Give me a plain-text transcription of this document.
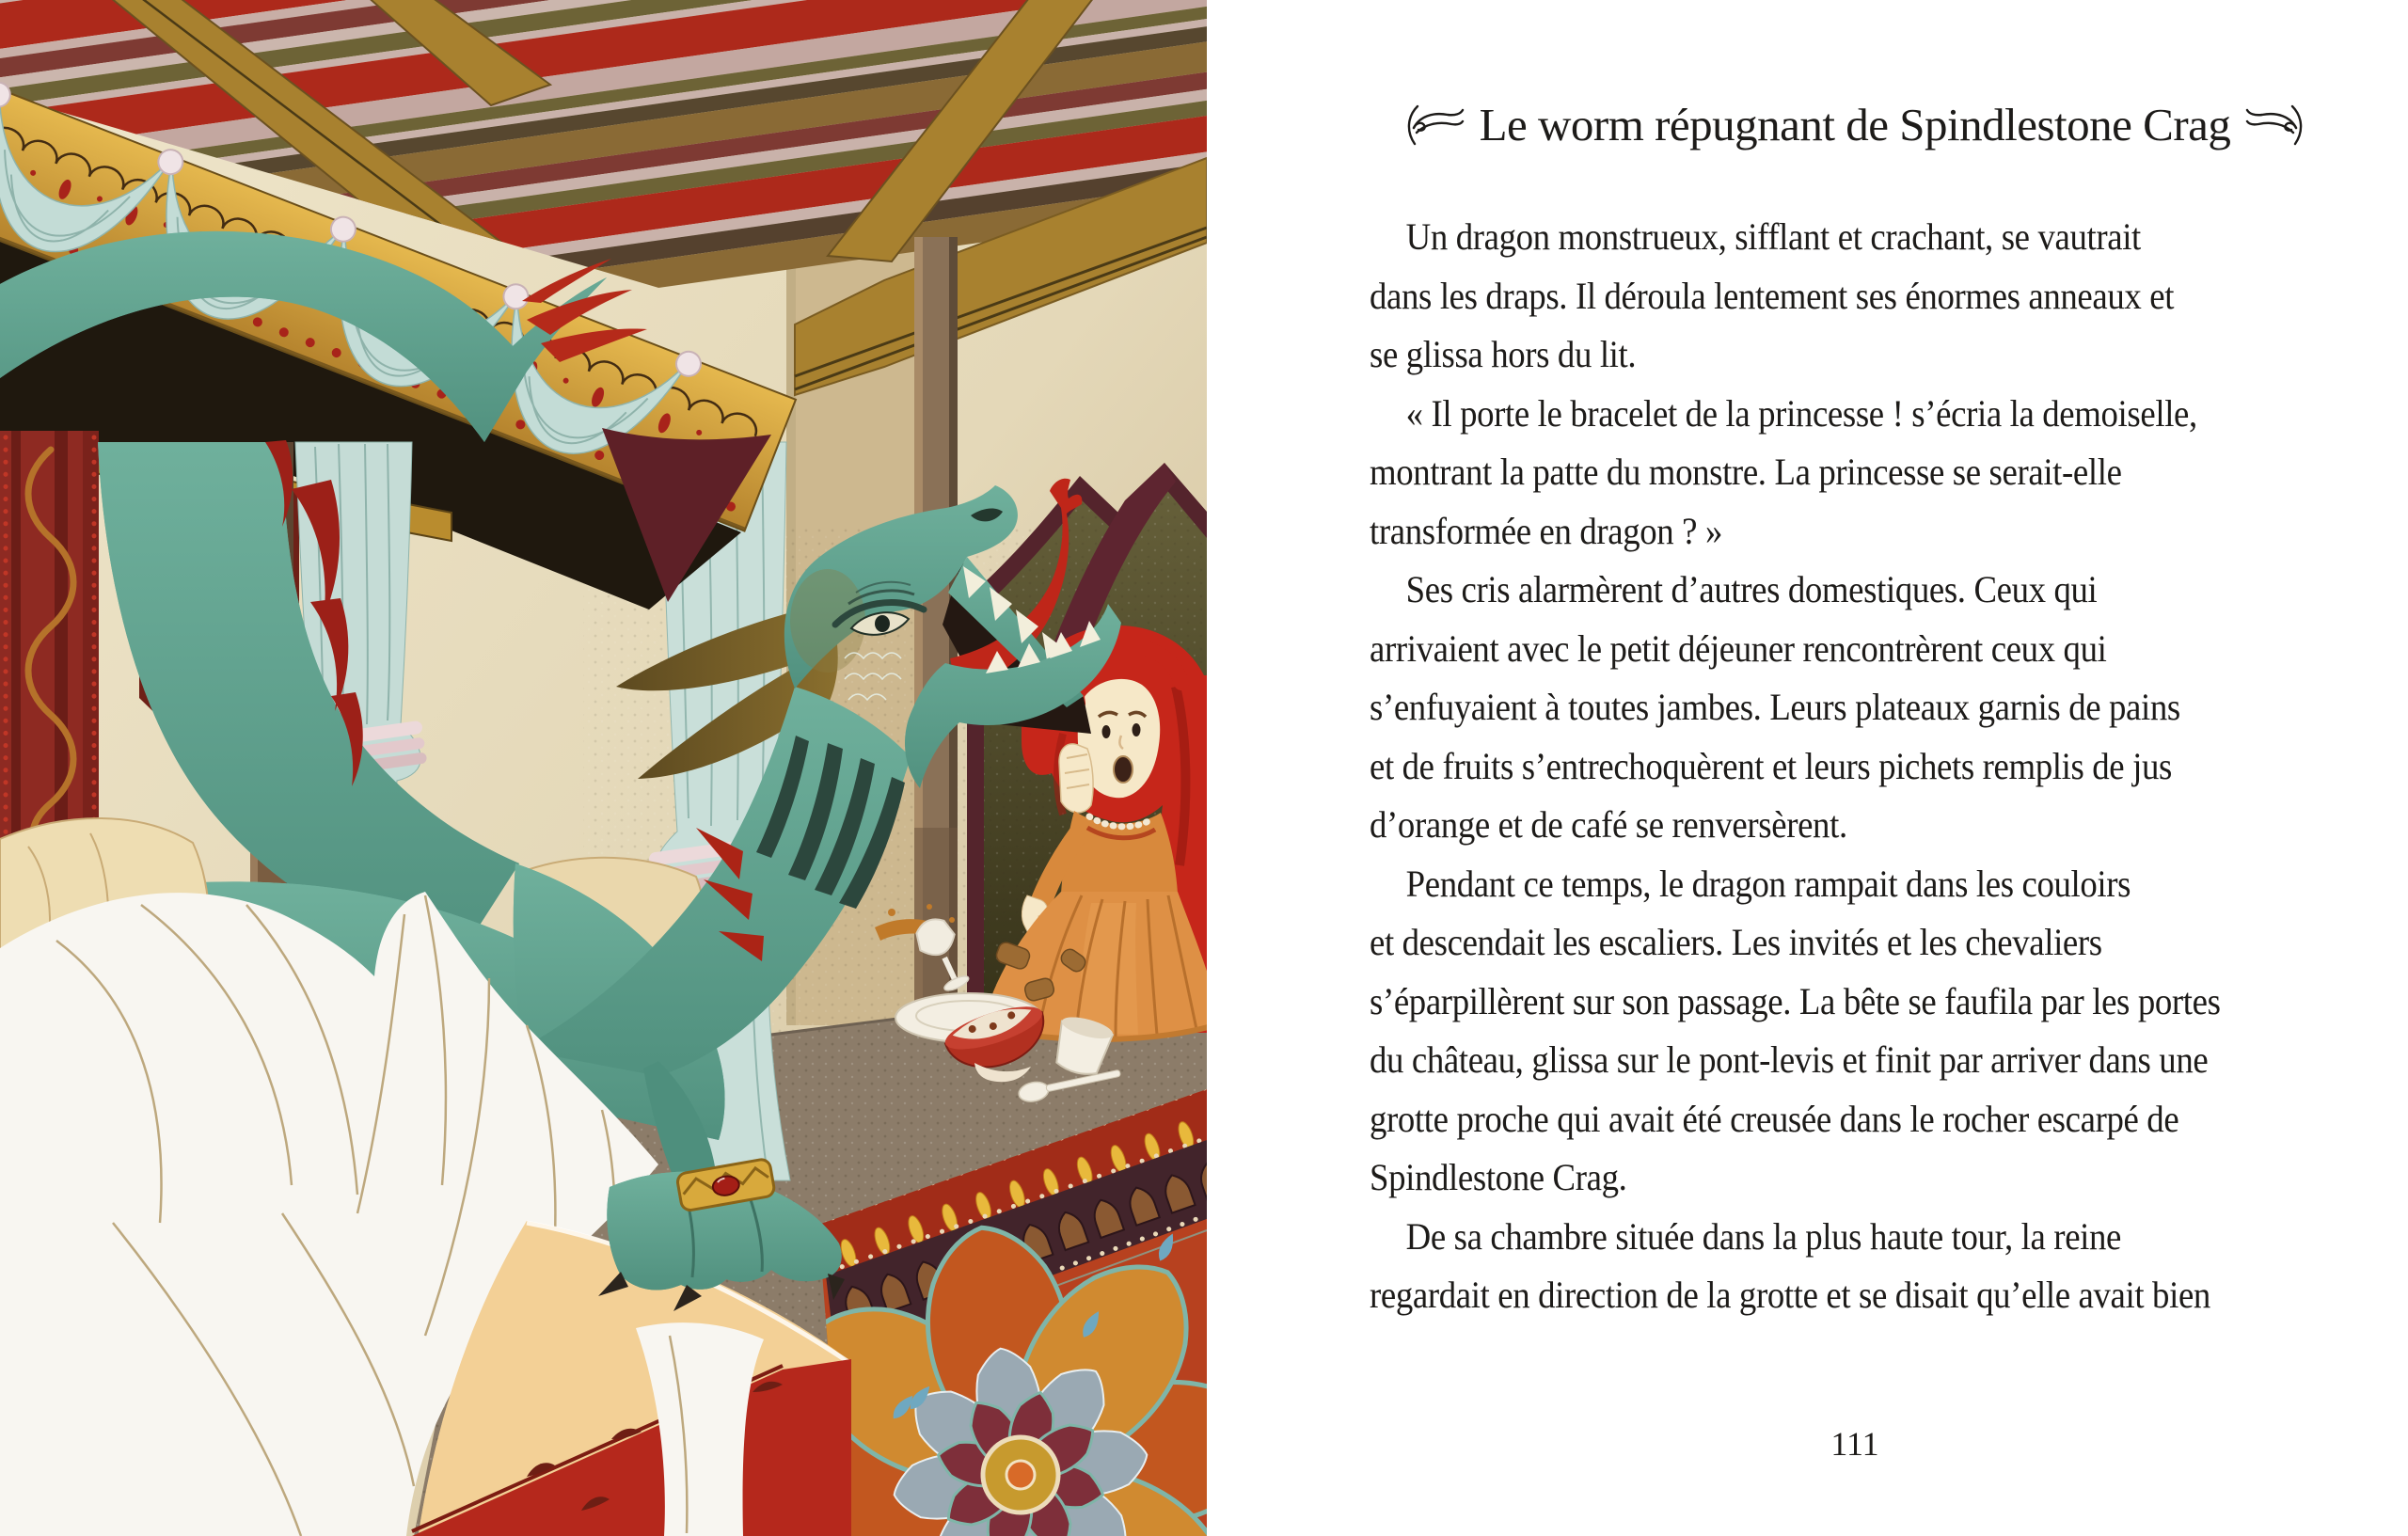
Le worm répugnant de Spindlestone Crag
Un dragon monstrueux, sifflant et crachant, se vautrait
dans les draps. Il déroula lentement ses énormes anneaux et
se glissa hors du lit.
« Il porte le bracelet de la princesse ! s’écria la demoiselle,
montrant la patte du monstre. La princesse se serait-elle
transformée en dragon ? »
Ses cris alarmèrent d’autres domestiques. Ceux qui
arrivaient avec le petit déjeuner rencontrèrent ceux qui
s’enfuyaient à toutes jambes. Leurs plateaux garnis de pains
et de fruits s’entrechoquèrent et leurs pichets remplis de jus
d’orange et de café se renversèrent.
Pendant ce temps, le dragon rampait dans les couloirs
et descendait les escaliers. Les invités et les chevaliers
s’éparpillèrent sur son passage. La bête se faufila par les portes
du château, glissa sur le pont-levis et finit par arriver dans une
grotte proche qui avait été creusée dans le rocher escarpé de
Spindlestone Crag.
De sa chambre située dans la plus haute tour, la reine
regardait en direction de la grotte et se disait qu’elle avait bien
111
